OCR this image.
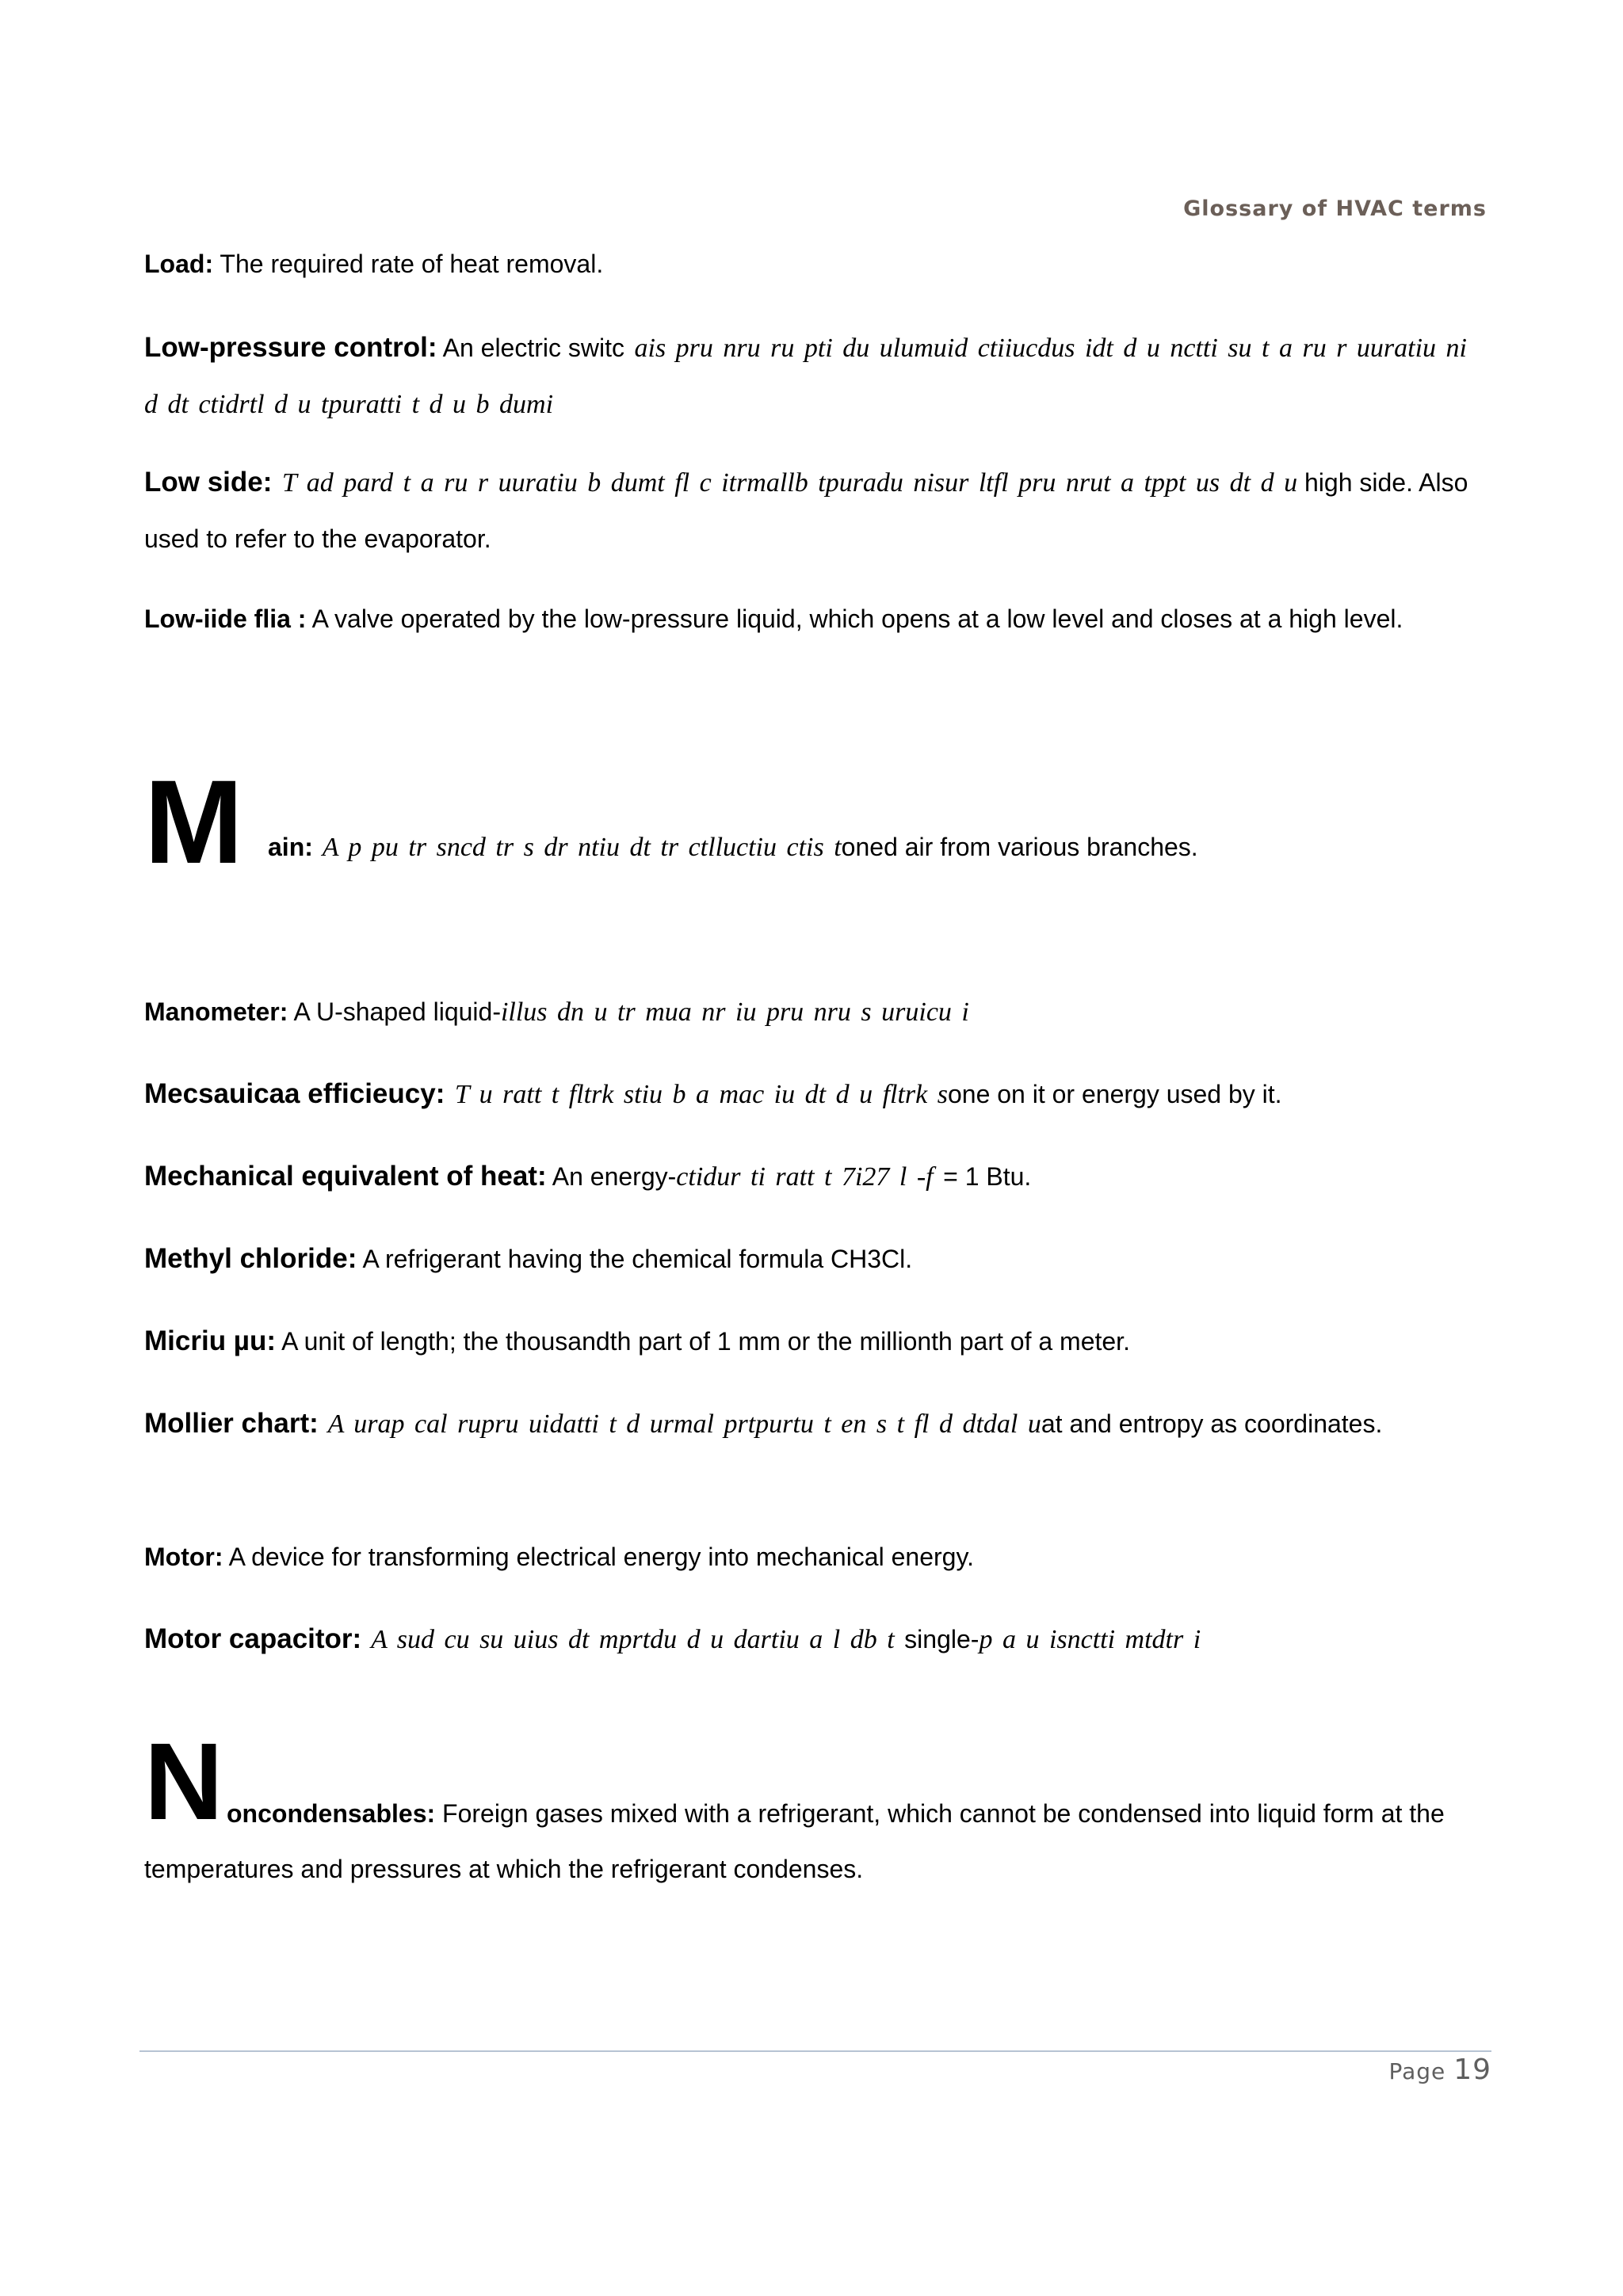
Glossary of HVAC terms
Load: The required rate of heat removal.
Low-pressure control: An electric switc ais pru nru ru pti du ulumuid ctiiucdus idt d u nctti su t a ru r uuratiu ni d dt ctidrtl d u tpuratti t d u b dumi
Low side: T ad pard t a ru r uuratiu b dumt fl c itrmallb tpuradu nisur ltfl pru nrut a tppt us dt d u high side. Also used to refer to the evaporator.
Low-iide flia : A valve operated by the low-pressure liquid, which opens at a low level and closes at a high level.
M ain: A p pu tr sncd tr s dr ntiu dt tr ctlluctiu ctis toned air from various branches.
Manometer: A U-shaped liquid-illus dn u tr mua nr iu pru nru s uruicu i
Mecsauicaa efficieucy: T u ratt t fltrk stiu b a mac iu dt d u fltrk sone on it or energy used by it.
Mechanical equivalent of heat: An energy-ctidur ti ratt t 7i27 l -f = 1 Btu.
Methyl chloride: A refrigerant having the chemical formula CH3Cl.
Micriu µu: A unit of length; the thousandth part of 1 mm or the millionth part of a meter.
Mollier chart: A urap cal rupru uidatti t d urmal prtpurtu t en s t fl d dtdal uat and entropy as coordinates.
Motor: A device for transforming electrical energy into mechanical energy.
Motor capacitor: A sud cu su uius dt mprtdu d u dartiu a l db t single-p a u isnctti mtdtr i
N oncondensables: Foreign gases mixed with a refrigerant, which cannot be condensed into liquid form at the temperatures and pressures at which the refrigerant condenses.
Page 19
